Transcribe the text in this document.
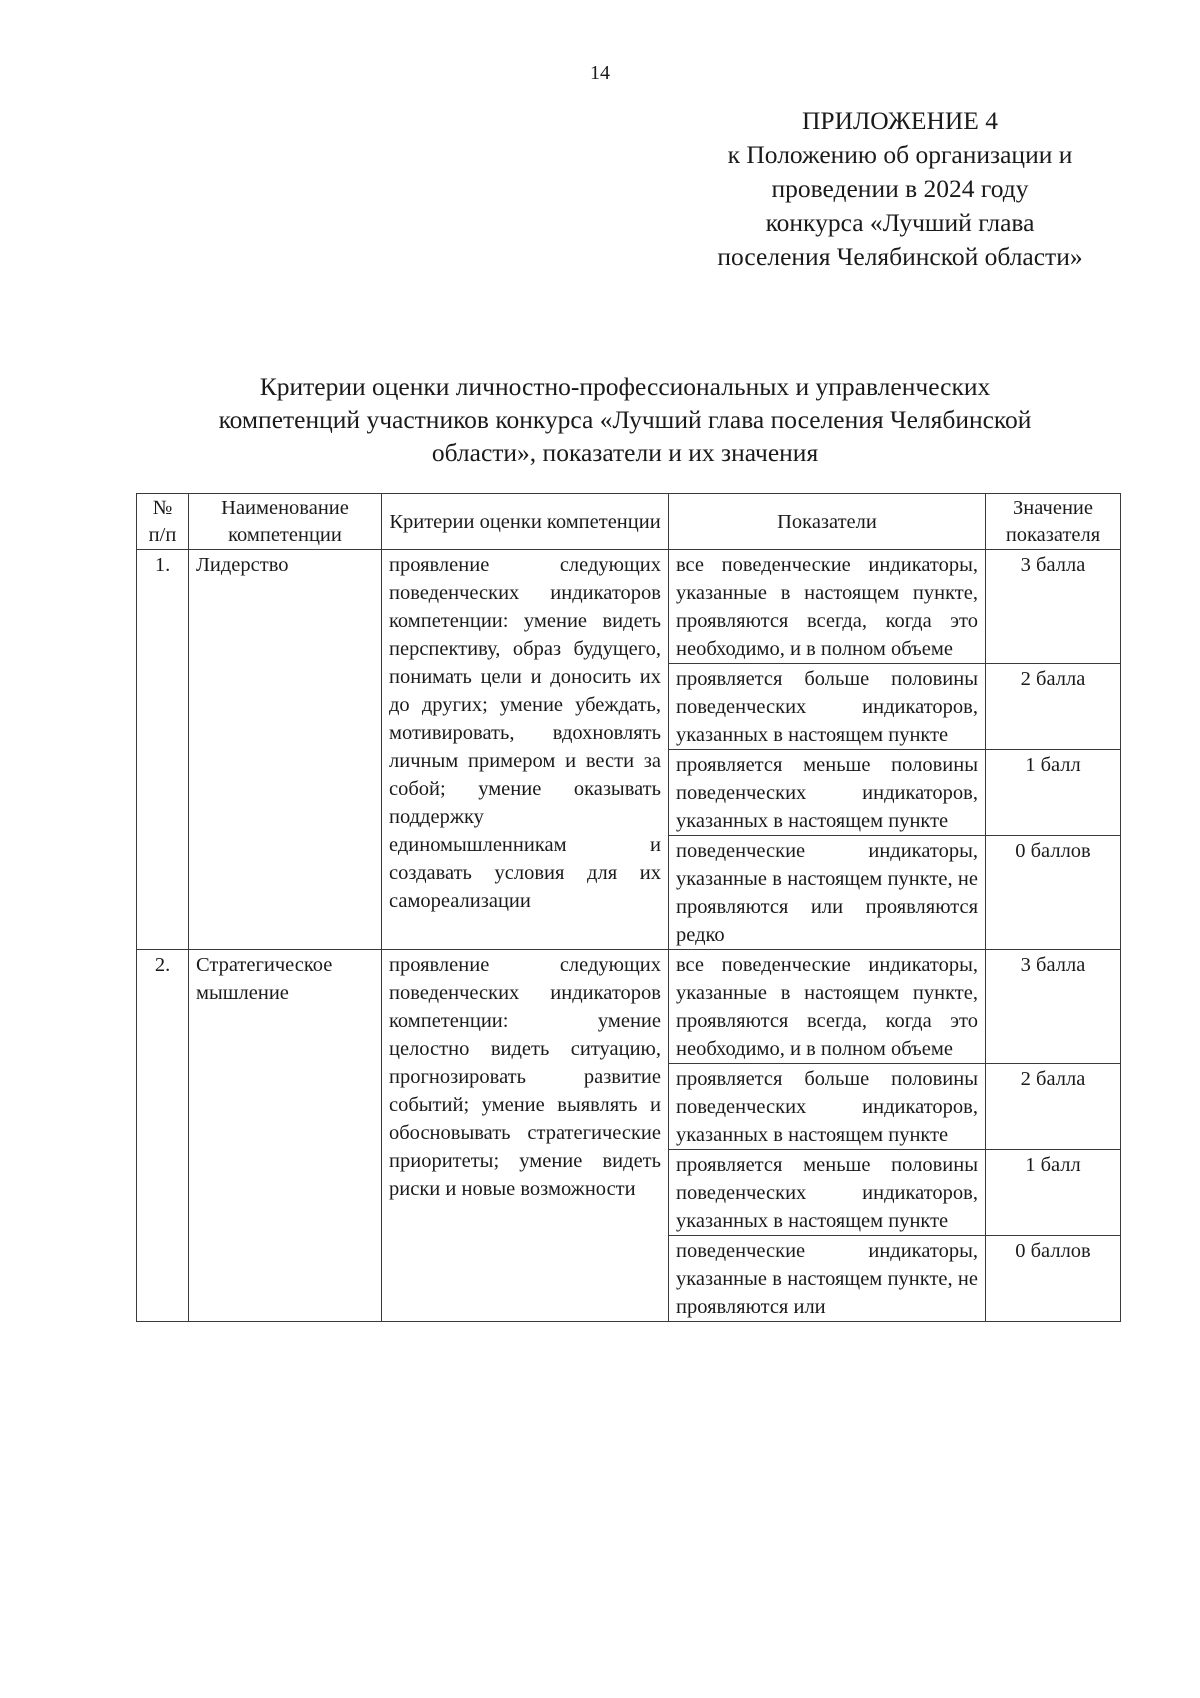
14
ПРИЛОЖЕНИЕ 4
к Положению об организации и
проведении в 2024 году
конкурса «Лучший глава
поселения Челябинской области»
Критерии оценки личностно-профессиональных и управленческих
компетенций участников конкурса «Лучший глава поселения Челябинской
области», показатели и их значения
№ п/п	Наименование компетенции	Критерии оценки компетенции	Показатели	Значение показателя
1.	Лидерство	проявление следующих поведенческих индикаторов компетенции: умение видеть перспективу, образ будущего, понимать цели и доносить их до других; умение убеждать, мотивировать, вдохновлять личным примером и вести за собой; умение оказывать поддержку единомышленникам и создавать условия для их самореализации	все поведенческие индикаторы, указанные в настоящем пункте, проявляются всегда, когда это необходимо, и в полном объеме	3 балла
			проявляется больше половины поведенческих индикаторов, указанных в настоящем пункте	2 балла
			проявляется меньше половины поведенческих индикаторов, указанных в настоящем пункте	1 балл
			поведенческие индикаторы, указанные в настоящем пункте, не проявляются или проявляются редко	0 баллов
2.	Стратегическое мышление	проявление следующих поведенческих индикаторов компетенции: умение целостно видеть ситуацию, прогнозировать развитие событий; умение выявлять и обосновывать стратегические приоритеты; умение видеть риски и новые возможности	все поведенческие индикаторы, указанные в настоящем пункте, проявляются всегда, когда это необходимо, и в полном объеме	3 балла
			проявляется больше половины поведенческих индикаторов, указанных в настоящем пункте	2 балла
			проявляется меньше половины поведенческих индикаторов, указанных в настоящем пункте	1 балл
			поведенческие индикаторы, указанные в настоящем пункте, не проявляются или	0 баллов
